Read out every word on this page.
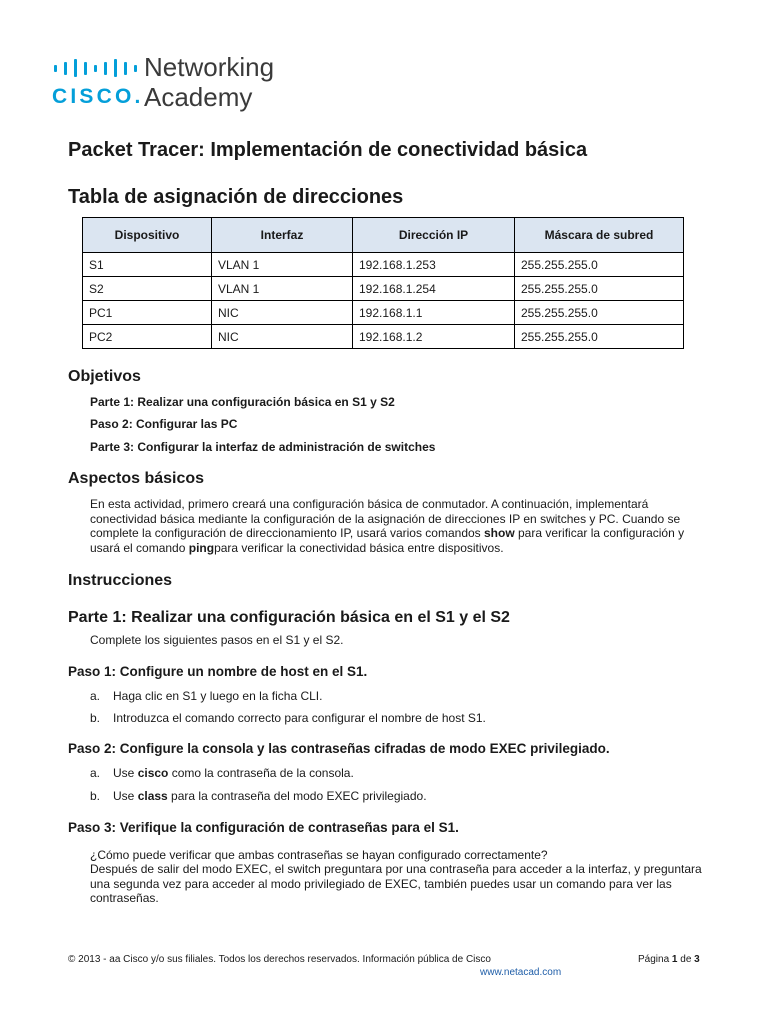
CISCO.
Networking
Academy
Packet Tracer: Implementación de conectividad básica
Tabla de asignación de direcciones
Dispositivo	Interfaz	Dirección IP	Máscara de subred
S1	VLAN 1	192.168.1.253	255.255.255.0
S2	VLAN 1	192.168.1.254	255.255.255.0
PC1	NIC	192.168.1.1	255.255.255.0
PC2	NIC	192.168.1.2	255.255.255.0
Objetivos
Parte 1: Realizar una configuración básica en S1 y S2
Paso 2: Configurar las PC
Parte 3: Configurar la interfaz de administración de switches
Aspectos básicos
En esta actividad, primero creará una configuración básica de conmutador. A continuación, implementará conectividad básica mediante la configuración de la asignación de direcciones IP en switches y PC. Cuando se complete la configuración de direccionamiento IP, usará varios comandos show para verificar la configuración y usará el comando pingpara verificar la conectividad básica entre dispositivos.
Instrucciones
Parte 1: Realizar una configuración básica en el S1 y el S2
Complete los siguientes pasos en el S1 y el S2.
Paso 1: Configure un nombre de host en el S1.
a. Haga clic en S1 y luego en la ficha CLI.
b. Introduzca el comando correcto para configurar el nombre de host S1.
Paso 2: Configure la consola y las contraseñas cifradas de modo EXEC privilegiado.
a. Use cisco como la contraseña de la consola.
b. Use class para la contraseña del modo EXEC privilegiado.
Paso 3: Verifique la configuración de contraseñas para el S1.
¿Cómo puede verificar que ambas contraseñas se hayan configurado correctamente?
Después de salir del modo EXEC, el switch preguntara por una contraseña para acceder a la interfaz, y preguntara una segunda vez para acceder al modo privilegiado de EXEC, también puedes usar un comando para ver las contraseñas.
© 2013 - aa Cisco y/o sus filiales. Todos los derechos reservados. Información pública de Cisco	Página 1 de 3
www.netacad.com
